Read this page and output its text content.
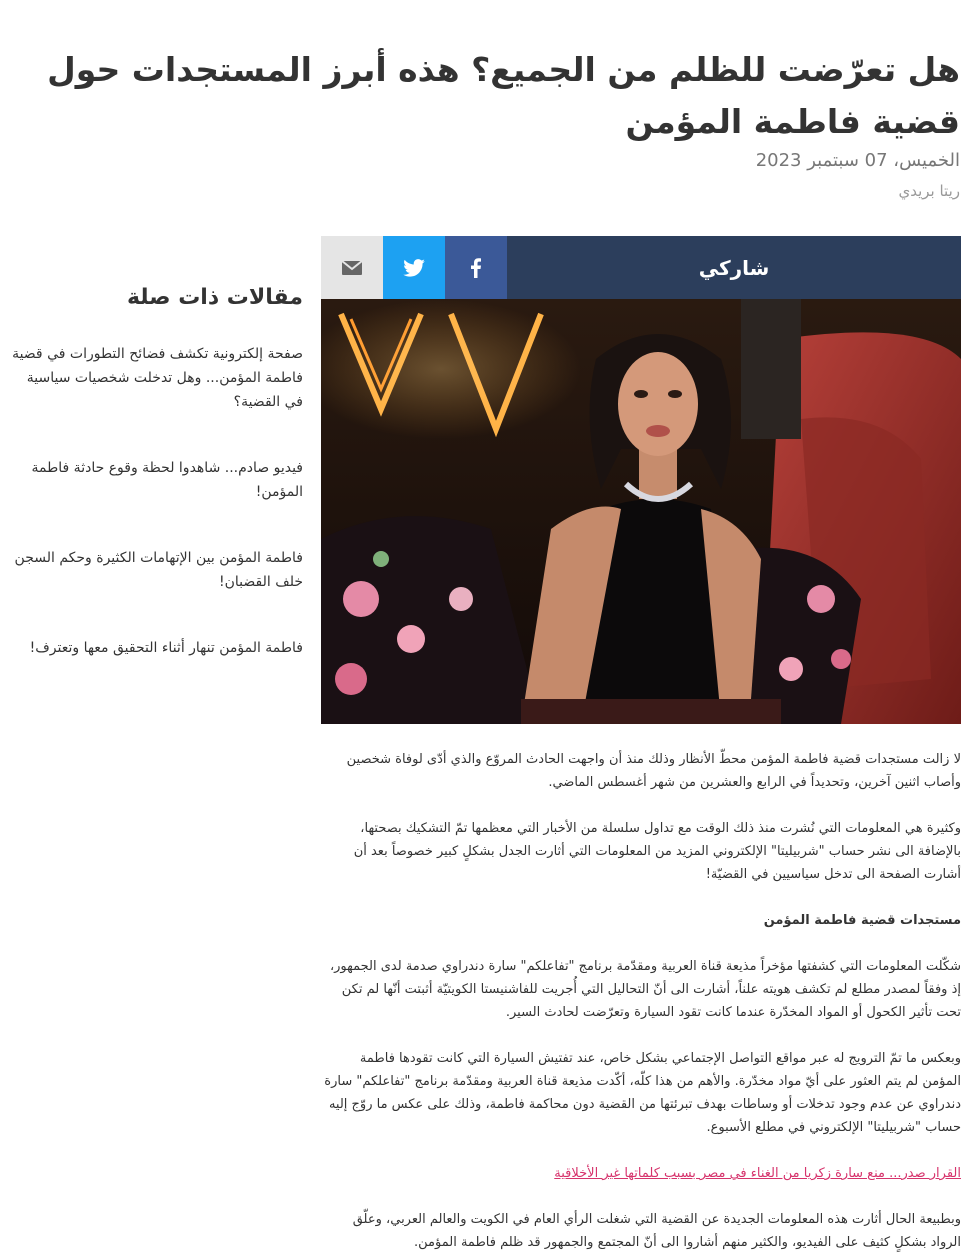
هل تعرّضت للظلم من الجميع؟ هذه أبرز المستجدات حول قضية فاطمة المؤمن
الخميس، 07 سبتمبر 2023
ريتا بريدي
شاركي
مقالات ذات صلة
صفحة إلكترونية تكشف فضائح التطورات في قضية فاطمة المؤمن... وهل تدخلت شخصيات سياسية في القضية؟
فيديو صادم... شاهدوا لحظة وقوع حادثة فاطمة المؤمن!
فاطمة المؤمن بين الإتهامات الكثيرة وحكم السجن خلف القضبان!
فاطمة المؤمن تنهار أثناء التحقيق معها وتعترف!

لا زالت مستجدات قضية فاطمة المؤمن محطّ الأنظار وذلك منذ أن واجهت الحادث المروّع والذي أدّى لوفاة شخصين وأصاب اثنين آخرين، وتحديداً في الرابع والعشرين من شهر أغسطس الماضي.

وكثيرة هي المعلومات التي نُشرت منذ ذلك الوقت مع تداول سلسلة من الأخبار التي معظمها تمّ التشكيك بصحتها، بالإضافة الى نشر حساب "شربيليتا" الإلكتروني المزيد من المعلومات التي أثارت الجدل بشكلٍ كبير خصوصاً بعد أن أشارت الصفحة الى تدخل سياسيين في القضيّة!

مستجدات قضية فاطمة المؤمن

شكّلت المعلومات التي كشفتها مؤخراً مذيعة قناة العربية ومقدّمة برنامج "تفاعلكم" سارة دندراوي صدمة لدى الجمهور، إذ وفقاً لمصدر مطلع لم تكشف هويته علناً، أشارت الى أنّ التحاليل التي أُجريت للفاشنيستا الكويتيّة أثبتت أنّها لم تكن تحت تأثير الكحول أو المواد المخدّرة عندما كانت تقود السيارة وتعرّضت لحادث السير.

وبعكس ما تمّ الترويج له عبر مواقع التواصل الإجتماعي بشكل خاص، عند تفتيش السيارة التي كانت تقودها فاطمة المؤمن لم يتم العثور على أيّ مواد مخدّرة. والأهم من هذا كلّه، أكّدت مذيعة قناة العربية ومقدّمة برنامج "تفاعلكم" سارة دندراوي عن عدم وجود تدخلات أو وساطات بهدف تبرئتها من القضية دون محاكمة فاطمة، وذلك على عكس ما روّج إليه حساب "شربيليتا" الإلكتروني في مطلع الأسبوع.

القرار صدر... منع سارة زكريا من الغناء في مصر بسبب كلماتها غير الأخلاقية

وبطبيعة الحال أثارت هذه المعلومات الجديدة عن القضية التي شغلت الرأي العام في الكويت والعالم العربي، وعلّق الرواد بشكلٍ كثيف على الفيديو، والكثير منهم أشاروا الى أنّ المجتمع والجمهور قد ظلم فاطمة المؤمن.
